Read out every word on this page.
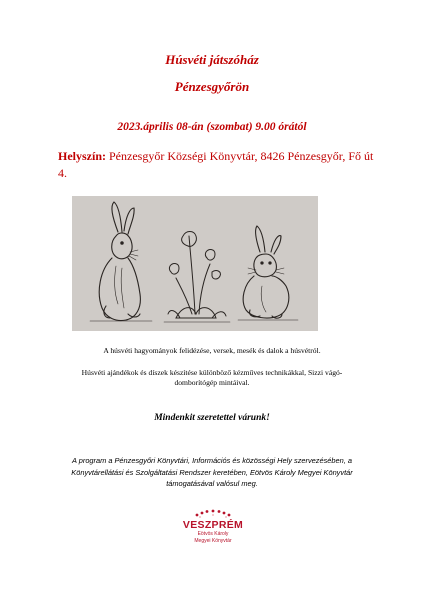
Húsvéti játszóház
Pénzesgyőrön

2023.április 08-án (szombat) 9.00 órától

Helyszín: Pénzesgyőr Községi Könyvtár, 8426 Pénzesgyőr, Fő út 4.

A húsvéti hagyományok felidézése, versek, mesék és dalok a húsvétról.

Húsvéti ajándékok és díszek készítése különböző kézműves technikákkal, Sizzi vágó-domborítógép mintáival.

Mindenkit szeretettel várunk!

A program a Pénzesgyőri Könyvtári, Információs és közösségi Hely szervezésében, a Könyvtárellátási és Szolgáltatási Rendszer keretében, Eötvös Károly Megyei Könyvtár támogatásával valósul meg.

VESZPRÉM
Eötvös Károly
Megyei Könyvtár
